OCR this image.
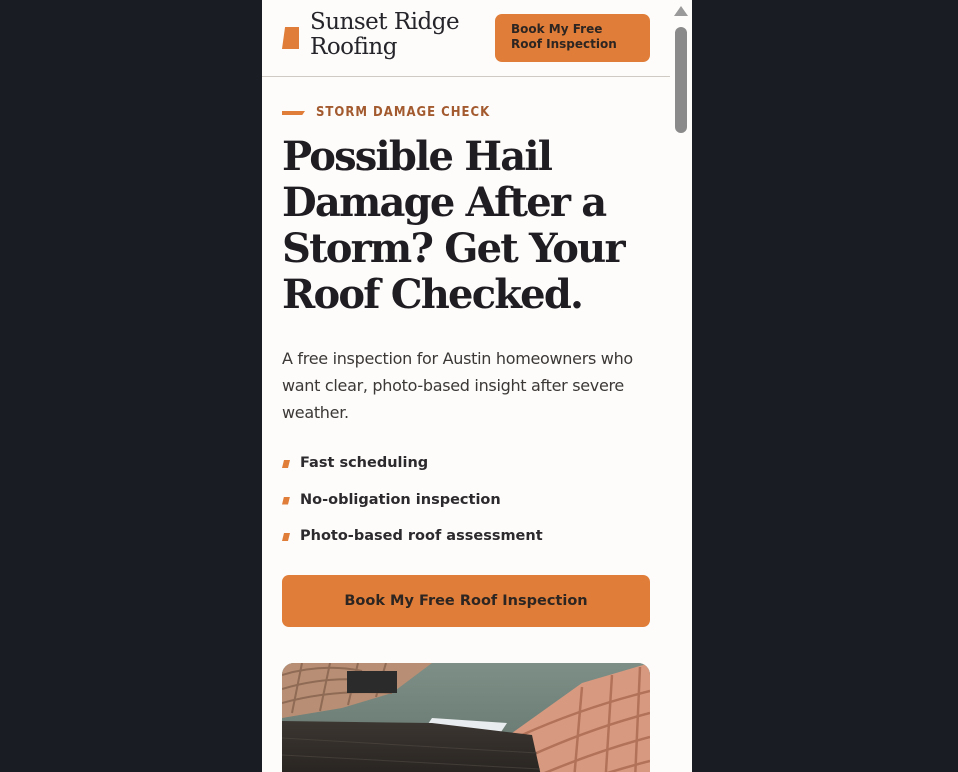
Sunset Ridge
Roofing
Book My Free Roof Inspection
STORM DAMAGE CHECK
Possible Hail
Damage After a
Storm? Get Your
Roof Checked.

A free inspection for Austin homeowners who want clear, photo-based insight after severe weather.

Fast scheduling
No-obligation inspection
Photo-based roof assessment
Book My Free Roof Inspection
